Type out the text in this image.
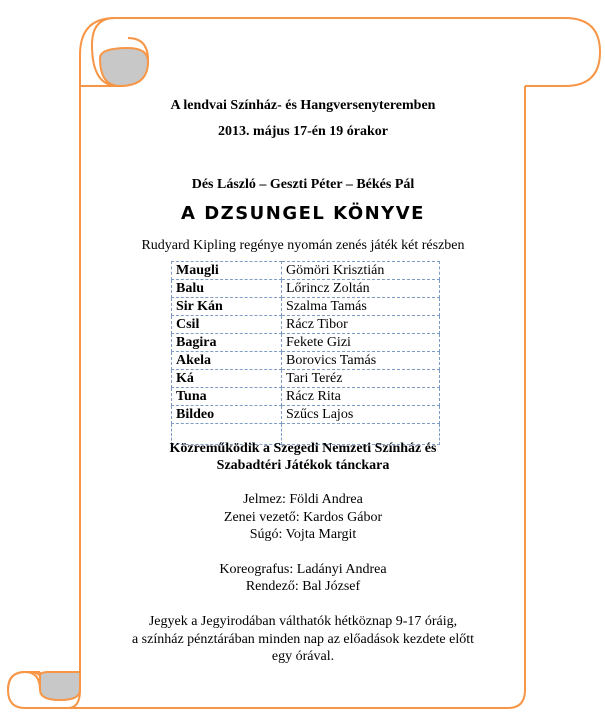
A lendvai Színház- és Hangversenyteremben
2013. május 17-én 19 órakor
Dés László – Geszti Péter – Békés Pál
A DZSUNGEL KÖNYVE
Rudyard Kipling regénye nyomán zenés játék két részben
Maugli	Gömöri Krisztián
Balu	Lőrincz Zoltán
Sir Kán	Szalma Tamás
Csil	Rácz Tibor
Bagira	Fekete Gizi
Akela	Borovics Tamás
Ká	Tari Teréz
Tuna	Rácz Rita
Bildeo	Szűcs Lajos

Közreműködik a Szegedi Nemzeti Színház és
Szabadtéri Játékok tánckara
Jelmez: Földi Andrea
Zenei vezető: Kardos Gábor
Súgó: Vojta Margit
Koreografus: Ladányi Andrea
Rendező: Bal József
Jegyek a Jegyirodában válthatók hétköznap 9-17 óráig,
a színház pénztárában minden nap az előadások kezdete előtt
egy órával.
